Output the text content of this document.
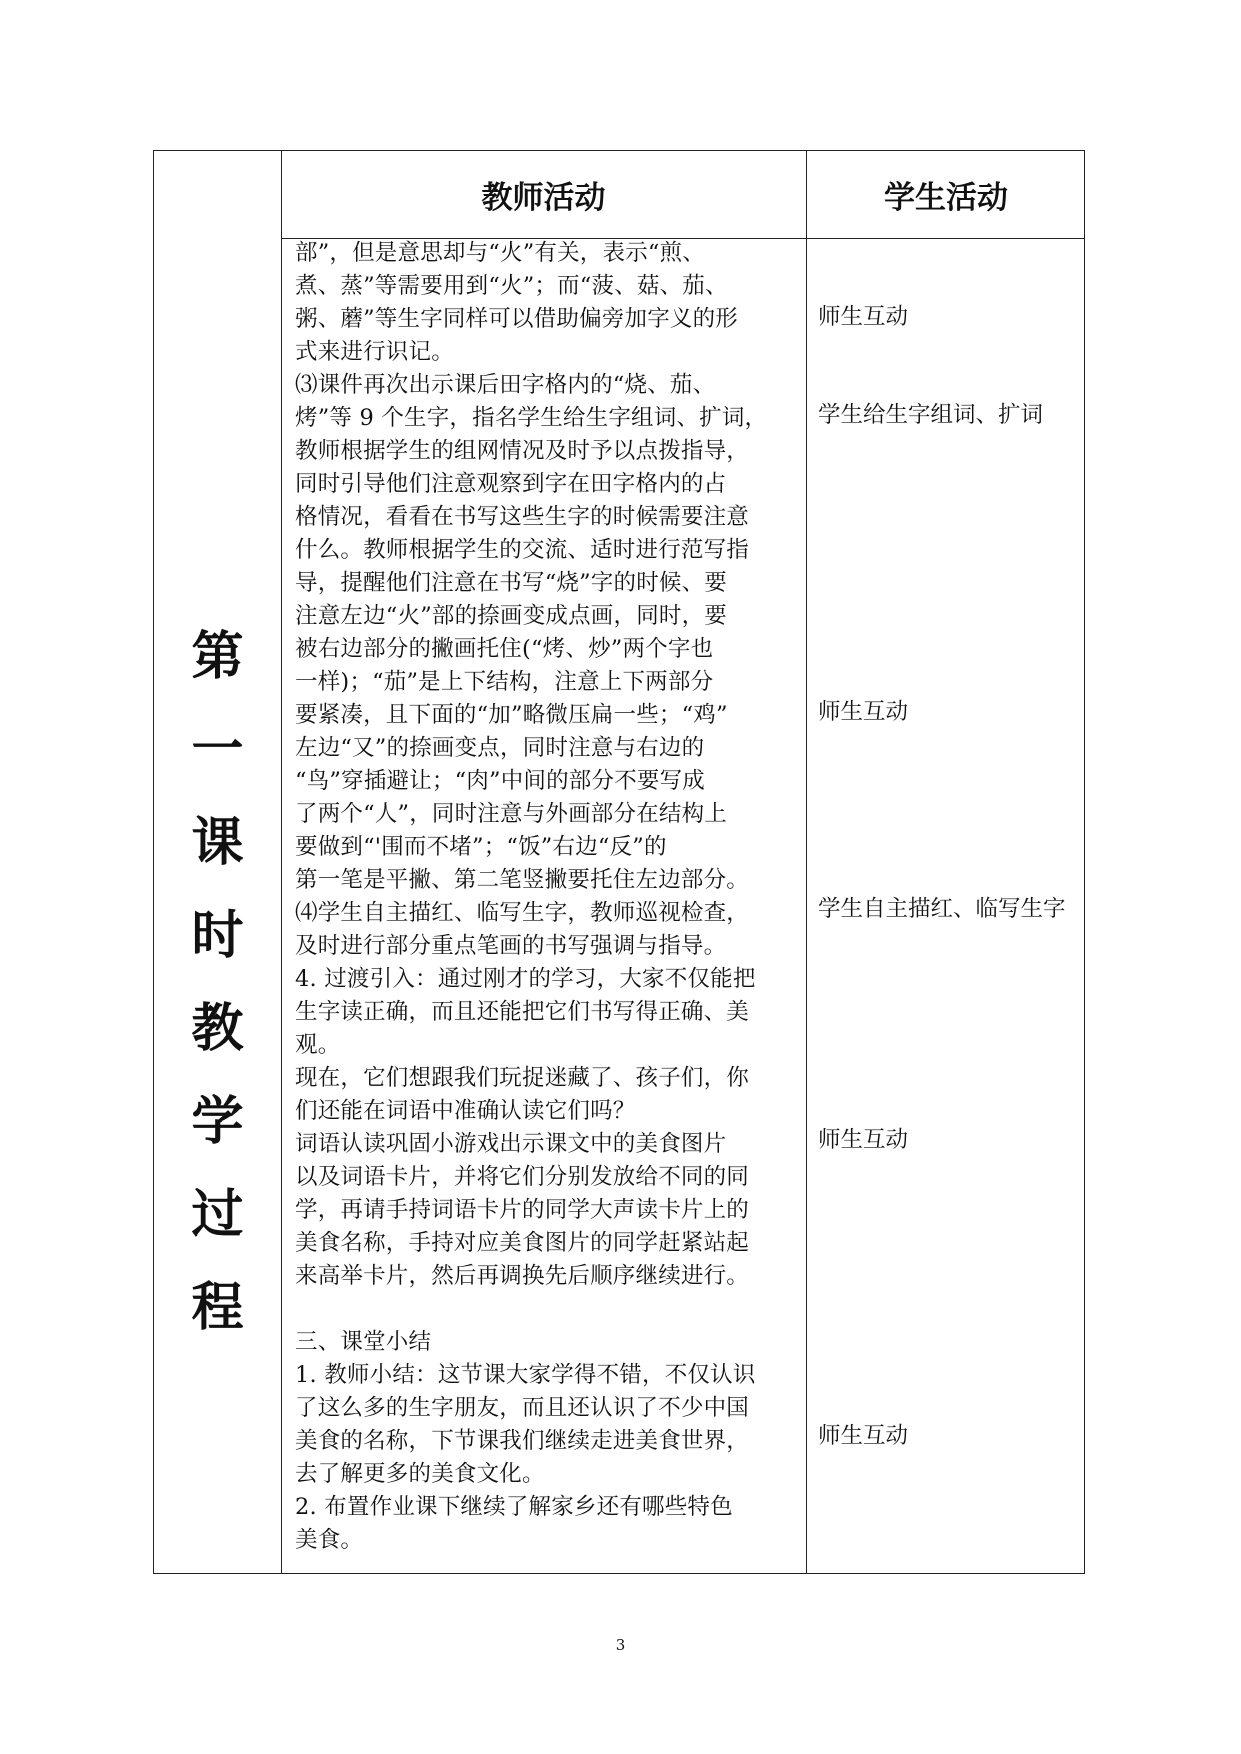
教师活动	学生活动
第
一
课
时
教
学
过
程
部”，但是意思却与“火”有关，表示“煎、
煮、蒸”等需要用到“火”；而“菠、菇、茄、
粥、蘑”等生字同样可以借助偏旁加字义的形
式来进行识记。
⑶课件再次出示课后田字格内的“烧、茄、
烤”等 9 个生字，指名学生给生字组词、扩词，
教师根据学生的组网情况及时予以点拨指导，
同时引导他们注意观察到字在田字格内的占
格情况，看看在书写这些生字的时候需要注意
什么。教师根据学生的交流、适时进行范写指
导，提醒他们注意在书写“烧”字的时候、要
注意左边“火”部的捺画变成点画，同时，要
被右边部分的撇画托住(“烤、炒”两个字也
一样)；“茄”是上下结构，注意上下两部分
要紧凑，且下面的“加”略微压扁一些；“鸡”
左边“又”的捺画变点，同时注意与右边的
“鸟”穿插避让；“肉”中间的部分不要写成
了两个“人”，同时注意与外画部分在结构上
要做到“'围而不堵”；“饭”右边“反”的
第一笔是平撇、第二笔竖撇要托住左边部分。
⑷学生自主描红、临写生字，教师巡视检查，
及时进行部分重点笔画的书写强调与指导。
4. 过渡引入：通过刚才的学习，大家不仅能把
生字读正确，而且还能把它们书写得正确、美
观。
现在，它们想跟我们玩捉迷藏了、孩子们，你
们还能在词语中准确认读它们吗？
词语认读巩固小游戏出示课文中的美食图片
以及词语卡片，并将它们分别发放给不同的同
学，再请手持词语卡片的同学大声读卡片上的
美食名称，手持对应美食图片的同学赶紧站起
来高举卡片，然后再调换先后顺序继续进行。
三、课堂小结
1. 教师小结：这节课大家学得不错，不仅认识
了这么多的生字朋友，而且还认识了不少中国
美食的名称，下节课我们继续走进美食世界，
去了解更多的美食文化。
2. 布置作业课下继续了解家乡还有哪些特色
美食。
师生互动
学生给生字组词、扩词
师生互动
学生自主描红、临写生字
师生互动
师生互动
3
